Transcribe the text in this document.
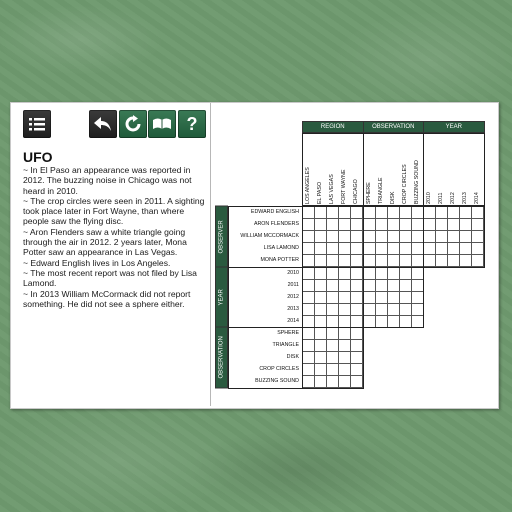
?
UFO

~ In El Paso an appearance was reported in 2012. The buzzing noise in Chicago was not heard in 2010.

~ The crop circles were seen in 2011. A sighting took place later in Fort Wayne, than where people saw the flying disc.

~ Aron Flenders saw a white triangle going through the air in 2012. 2 years later, Mona Potter saw an appearance in Las Vegas.

~ Edward English lives in Los Angeles.

~ The most recent report was not filed by Lisa Lamond.

~ In 2013 William McCormack did not report something. He did not see a sphere either.

REGION
LOS ANGELES	EL PASO	LAS VEGAS	FORT WAYNE	CHICAGO
OBSERVATION
SPHERE	TRIANGLE	DISK	CROP CIRCLES	BUZZING SOUND
YEAR
2010	2011	2012	2013	2014
OBSERVER
EDWARD ENGLISH
ARON FLENDERS
WILLIAM MCCORMACK
LISA LAMOND
MONA POTTER
YEAR
2010
2011
2012
2013
2014
OBSERVATION
SPHERE
TRIANGLE
DISK
CROP CIRCLES
BUZZING SOUND
